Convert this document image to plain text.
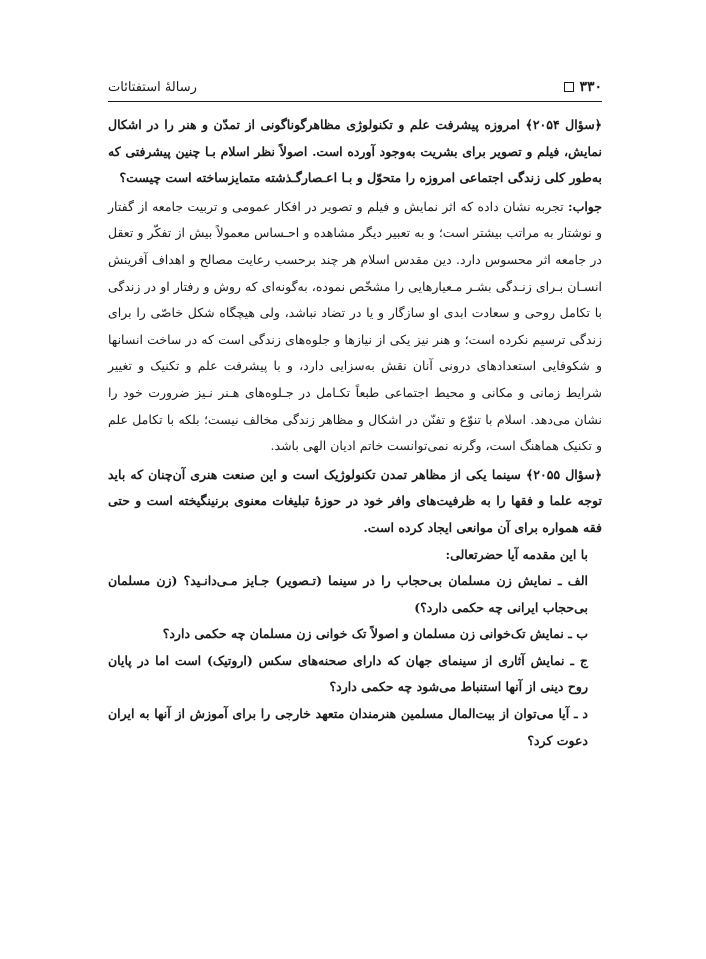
۳۳۰
رسالهٔ استفتائات

﴿سؤال ۲۰۵۴﴾ امروزه پیشرفت علم و تکنولوژی مظاهرگوناگونی از تمدّن و هنر را در اشکال نمایش، فیلم و تصویر برای بشریت به‌وجود آورده است. اصولاً نظر اسلام بـا چنین پیشرفتی که به‌طور کلی زندگی اجتماعی امروزه را متحوّل و بـا اعـصارگـذشته متمایزساخته است چیست؟

جواب: تجربه نشان داده که اثر نمایش و فیلم و تصویر در افکار عمومی و تربیت جامعه از گفتار و نوشتار به مراتب بیشتر است؛ و به تعبیر دیگر مشاهده و احـساس معمولاً بیش از تفکّر و تعقل در جامعه اثر محسوس دارد. دین مقدس اسلام هر چند برحسب رعایت مصالح و اهداف آفرینش انسـان بـرای زنـدگی بشـر مـعیارهایی را مشخّص نموده، به‌گونه‌ای که روش و رفتار او در زندگی با تکامل روحی و سعادت ابدی او سازگار و یا در تضاد نباشد، ولی هیچگاه شکل خاصّی را برای زندگی ترسیم نکرده است؛ و هنر نیز یکی از نیازها و جلوه‌های زندگی است که در ساخت انسانها و شکوفایی استعدادهای درونی آنان نقش به‌سزایی دارد، و با پیشرفت علم و تکنیک و تغییر شرایط زمانی و مکانی و محیط اجتماعی طبعاً تکـامل در جـلوه‌های هـنر نـیز ضرورت خود را نشان می‌دهد. اسلام با تنوّع و تفنّن در اشکال و مظاهر زندگی مخالف نیست؛ بلکه با تکامل علم و تکنیک هماهنگ است، وگرنه نمی‌توانست خاتم ادیان الهی باشد.

﴿سؤال ۲۰۵۵﴾ سینما یکی از مظاهر تمدن تکنولوژیک است و این صنعت هنری آن‌چنان که باید توجه علما و فقها را به ظرفیت‌های وافر خود در حوزهٔ تبلیغات معنوی برنینگیخته است و حتی فقه همواره برای آن موانعی ایجاد کرده است.

با این مقدمه آیا حضرتعالی:

الف ـ نمایش زن مسلمان بی‌حجاب را در سینما (تـصویر) جـایز مـی‌دانـید؟ (زن مسلمان بی‌حجاب ایرانی چه حکمی دارد؟)

ب ـ نمایش تک‌خوانی زن مسلمان و اصولاً تک خوانی زن مسلمان چه حکمی دارد؟

ج ـ نمایش آثاری از سینمای جهان که دارای صحنه‌های سکس (اروتیک) است اما در پایان روح دینی از آنها استنباط می‌شود چه حکمی دارد؟

د ـ آیا می‌توان از بیت‌المال مسلمین هنرمندان متعهد خارجی را برای آموزش از آنها به ایران دعوت کرد؟
